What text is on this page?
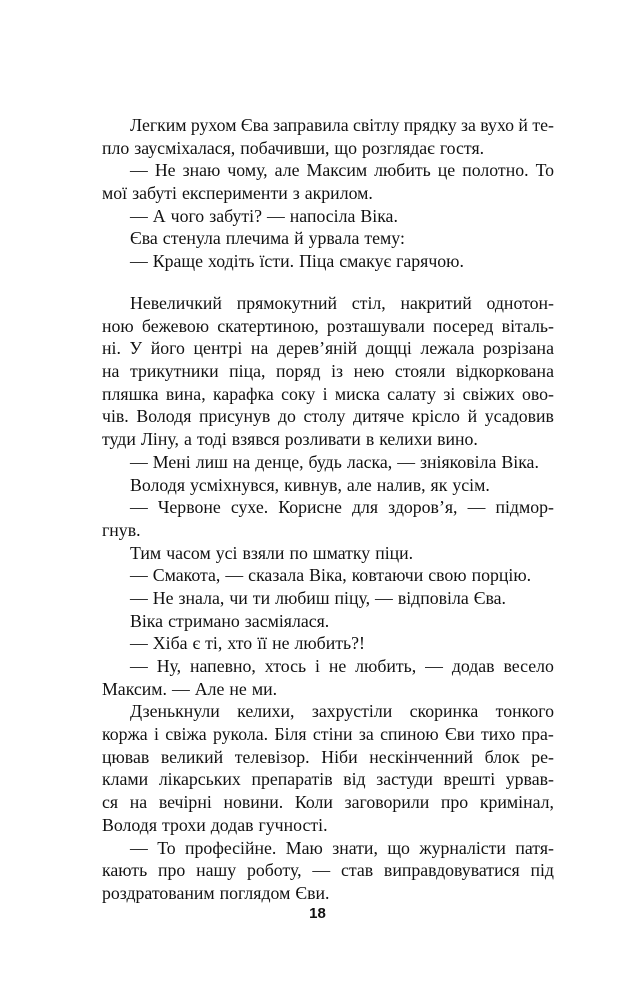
Легким рухом Єва заправила світлу прядку за вухо й те-
пло заусміхалася, побачивши, що розглядає гостя.
— Не знаю чому, але Максим любить це полотно. То
мої забуті експерименти з акрилом.
— А чого забуті? — напосіла Віка.
Єва стенула плечима й урвала тему:
— Краще ходіть їсти. Піца смакує гарячою.
Невеличкий прямокутний стіл, накритий однотон-
ною бежевою скатертиною, розташували посеред віталь-
ні. У його центрі на дерев’яній дощці лежала розрізана
на трикутники піца, поряд із нею стояли відкоркована
пляшка вина, карафка соку і миска салату зі свіжих ово-
чів. Володя присунув до столу дитяче крісло й усадовив
туди Ліну, а тоді взявся розливати в келихи вино.
— Мені лиш на денце, будь ласка, — зніяковіла Віка.
Володя усміхнувся, кивнув, але налив, як усім.
— Червоне сухе. Корисне для здоров’я, — підмор-
гнув.
Тим часом усі взяли по шматку піци.
— Смакота, — сказала Віка, ковтаючи свою порцію.
— Не знала, чи ти любиш піцу, — відповіла Єва.
Віка стримано засміялася.
— Хіба є ті, хто її не любить?!
— Ну, напевно, хтось і не любить, — додав весело
Максим. — Але не ми.
Дзенькнули келихи, захрустіли скоринка тонкого
коржа і свіжа рукола. Біля стіни за спиною Єви тихо пра-
цював великий телевізор. Ніби нескінченний блок ре-
клами лікарських препаратів від застуди врешті урвав-
ся на вечірні новини. Коли заговорили про кримінал,
Володя трохи додав гучності.
— То професійне. Маю знати, що журналісти патя-
кають про нашу роботу, — став виправдовуватися під
роздратованим поглядом Єви.
18
